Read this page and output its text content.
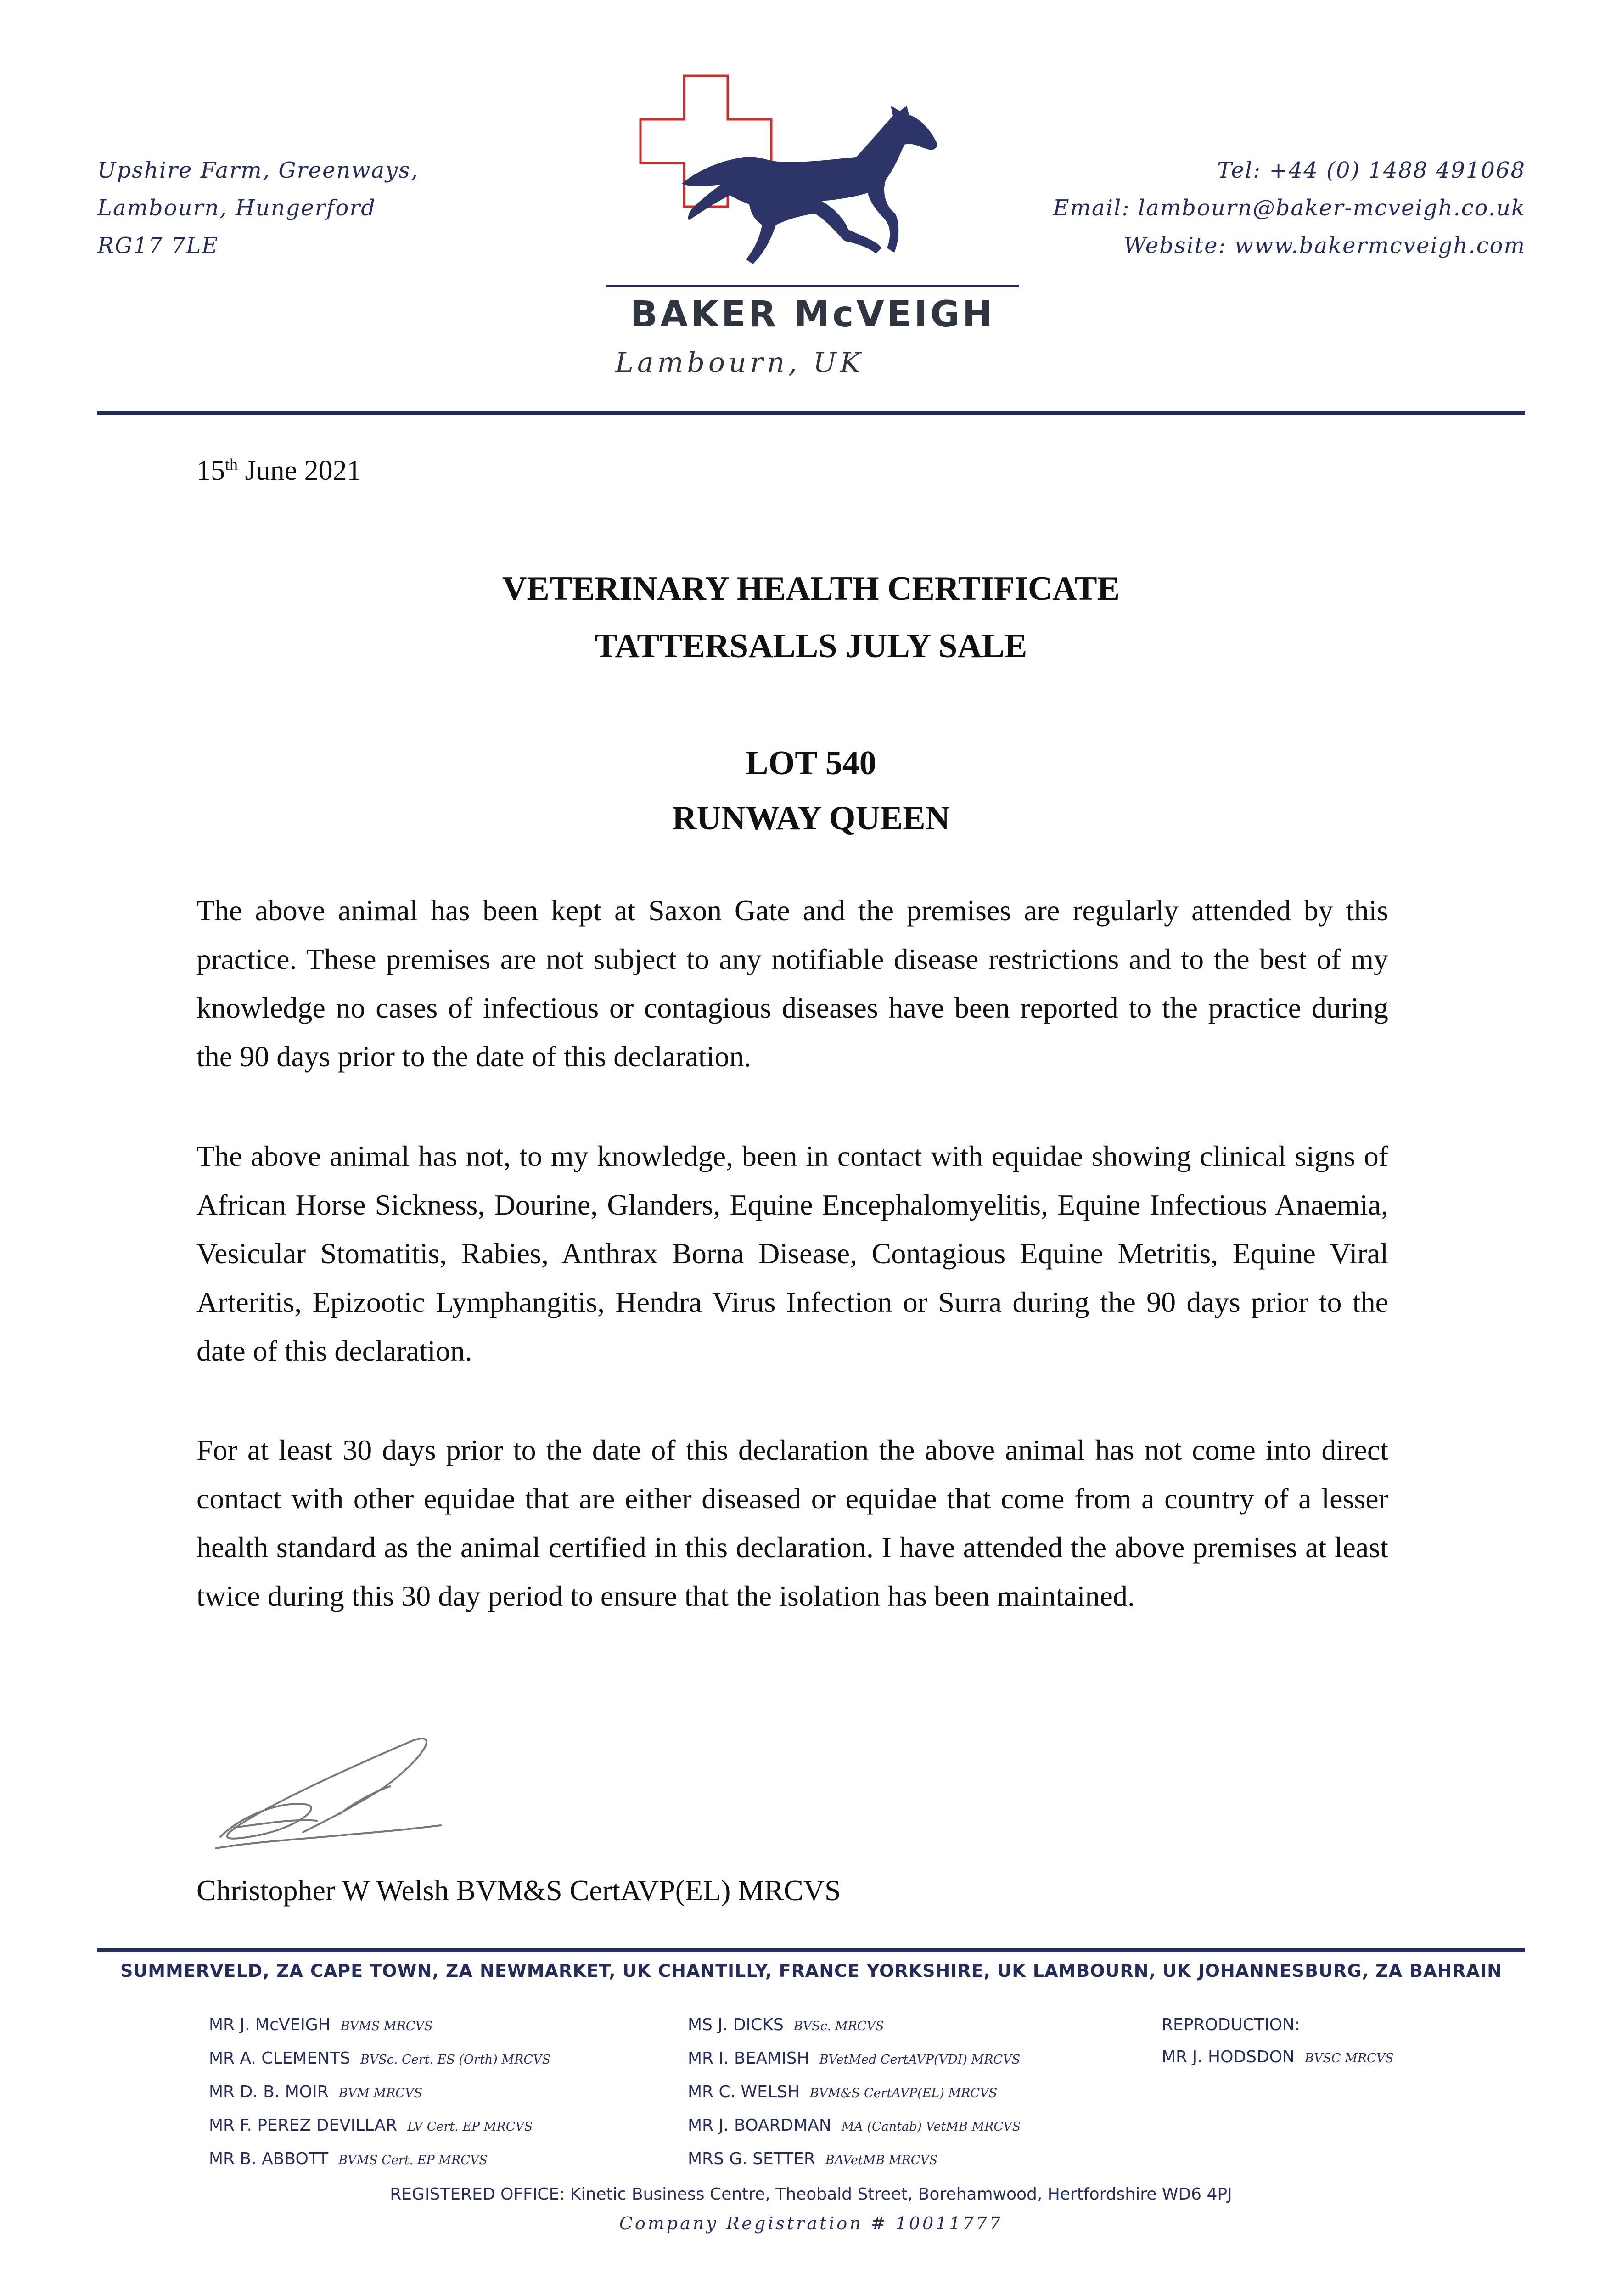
Upshire Farm, Greenways,
Lambourn, Hungerford
RG17 7LE
BAKER McVEIGH
Lambourn, UK
Tel: +44 (0) 1488 491068
Email: lambourn@baker-mcveigh.co.uk
Website: www.bakermcveigh.com
15th June 2021
VETERINARY HEALTH CERTIFICATE
TATTERSALLS JULY SALE
LOT 540
RUNWAY QUEEN
The above animal has been kept at Saxon Gate and the premises are regularly attended by this practice. These premises are not subject to any notifiable disease restrictions and to the best of my knowledge no cases of infectious or contagious diseases have been reported to the practice during the 90 days prior to the date of this declaration.
The above animal has not, to my knowledge, been in contact with equidae showing clinical signs of African Horse Sickness, Dourine, Glanders, Equine Encephalomyelitis, Equine Infectious Anaemia, Vesicular Stomatitis, Rabies, Anthrax Borna Disease, Contagious Equine Metritis, Equine Viral Arteritis, Epizootic Lymphangitis, Hendra Virus Infection or Surra during the 90 days prior to the date of this declaration.
For at least 30 days prior to the date of this declaration the above animal has not come into direct contact with other equidae that are either diseased or equidae that come from a country of a lesser health standard as the animal certified in this declaration. I have attended the above premises at least twice during this 30 day period to ensure that the isolation has been maintained.
Christopher W Welsh BVM&S CertAVP(EL) MRCVS
SUMMERVELD, ZA CAPE TOWN, ZA NEWMARKET, UK CHANTILLY, FRANCE YORKSHIRE, UK LAMBOURN, UK JOHANNESBURG, ZA BAHRAIN
MR J. McVEIGH BVMS MRCVS
MR A. CLEMENTS BVSc. Cert. ES (Orth) MRCVS
MR D. B. MOIR BVM MRCVS
MR F. PEREZ DEVILLAR LV Cert. EP MRCVS
MR B. ABBOTT BVMS Cert. EP MRCVS
MS J. DICKS BVSc. MRCVS
MR I. BEAMISH BVetMed CertAVP(VDI) MRCVS
MR C. WELSH BVM&S CertAVP(EL) MRCVS
MR J. BOARDMAN MA (Cantab) VetMB MRCVS
MRS G. SETTER BAVetMB MRCVS
REPRODUCTION:
MR J. HODSDON BVSC MRCVS
REGISTERED OFFICE: Kinetic Business Centre, Theobald Street, Borehamwood, Hertfordshire WD6 4PJ
Company Registration # 10011777
